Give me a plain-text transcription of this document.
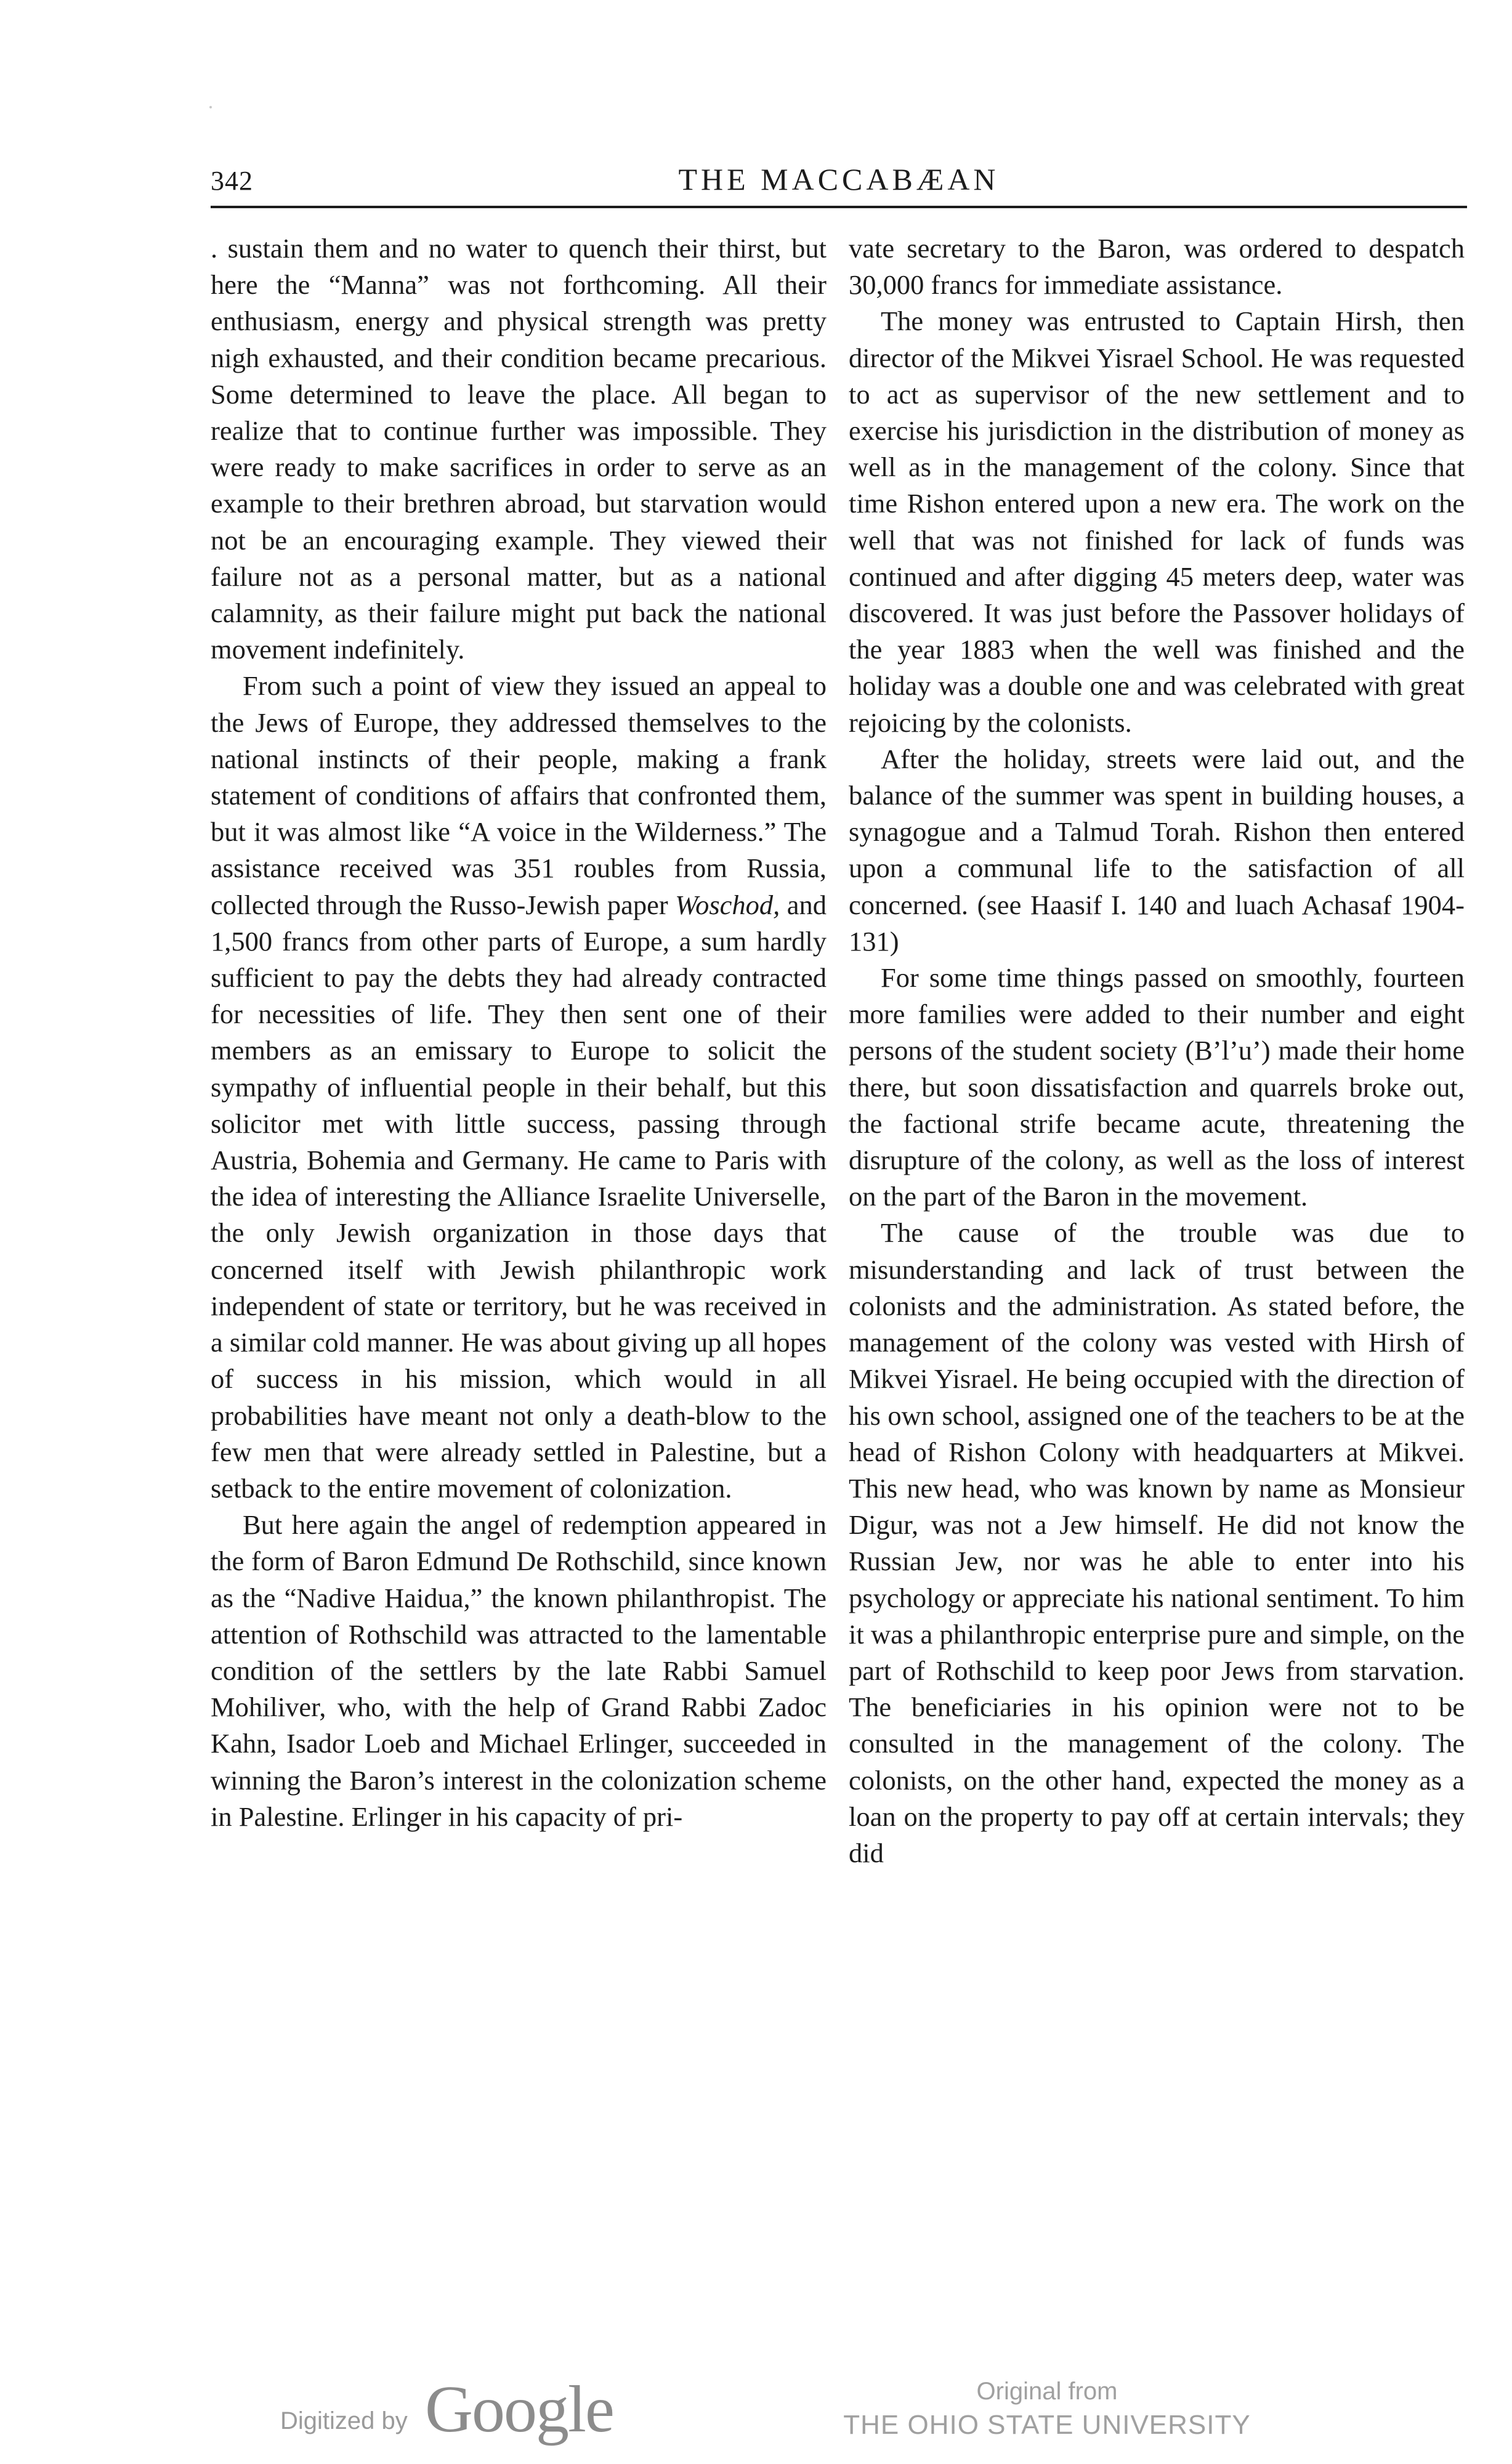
342	THE MACCABÆAN

. sustain them and no water to quench their thirst, but here the “Manna” was not forthcoming. All their enthusiasm, energy and physical strength was pretty nigh exhausted, and their condition became precarious. Some determined to leave the place. All began to realize that to continue further was impossible. They were ready to make sacrifices in order to serve as an example to their brethren abroad, but starvation would not be an encouraging example. They viewed their failure not as a personal matter, but as a national calamnity, as their failure might put back the national movement indefinitely.

From such a point of view they issued an appeal to the Jews of Europe, they addressed themselves to the national instincts of their people, making a frank statement of conditions of affairs that confronted them, but it was almost like “A voice in the Wilderness.” The assistance received was 351 roubles from Russia, collected through the Russo-Jewish paper Woschod, and 1,500 francs from other parts of Europe, a sum hardly sufficient to pay the debts they had already contracted for necessities of life. They then sent one of their members as an emissary to Europe to solicit the sympathy of influential people in their behalf, but this solicitor met with little success, passing through Austria, Bohemia and Germany. He came to Paris with the idea of interesting the Alliance Israelite Universelle, the only Jewish organization in those days that concerned itself with Jewish philanthropic work independent of state or territory, but he was received in a similar cold manner. He was about giving up all hopes of success in his mission, which would in all probabilities have meant not only a death-blow to the few men that were already settled in Palestine, but a setback to the entire movement of colonization.

But here again the angel of redemption appeared in the form of Baron Edmund De Rothschild, since known as the “Nadive Haidua,” the known philanthropist. The attention of Rothschild was attracted to the lamentable condition of the settlers by the late Rabbi Samuel Mohiliver, who, with the help of Grand Rabbi Zadoc Kahn, Isador Loeb and Michael Erlinger, succeeded in winning the Baron’s interest in the colonization scheme in Palestine. Erlinger in his capacity of pri-

vate secretary to the Baron, was ordered to despatch 30,000 francs for immediate assistance.

The money was entrusted to Captain Hirsh, then director of the Mikvei Yisrael School. He was requested to act as supervisor of the new settlement and to exercise his jurisdiction in the distribution of money as well as in the management of the colony. Since that time Rishon entered upon a new era. The work on the well that was not finished for lack of funds was continued and after digging 45 meters deep, water was discovered. It was just before the Passover holidays of the year 1883 when the well was finished and the holiday was a double one and was celebrated with great rejoicing by the colonists.

After the holiday, streets were laid out, and the balance of the summer was spent in building houses, a synagogue and a Talmud Torah. Rishon then entered upon a communal life to the satisfaction of all concerned. (see Haasif I. 140 and luach Achasaf 1904-131)

For some time things passed on smoothly, fourteen more families were added to their number and eight persons of the student society (B’l’u’) made their home there, but soon dissatisfaction and quarrels broke out, the factional strife became acute, threatening the disrupture of the colony, as well as the loss of interest on the part of the Baron in the movement.

The cause of the trouble was due to misunderstanding and lack of trust between the colonists and the administration. As stated before, the management of the colony was vested with Hirsh of Mikvei Yisrael. He being occupied with the direction of his own school, assigned one of the teachers to be at the head of Rishon Colony with headquarters at Mikvei. This new head, who was known by name as Monsieur Digur, was not a Jew himself. He did not know the Russian Jew, nor was he able to enter into his psychology or appreciate his national sentiment. To him it was a philanthropic enterprise pure and simple, on the part of Rothschild to keep poor Jews from starvation. The beneficiaries in his opinion were not to be consulted in the management of the colony. The colonists, on the other hand, expected the money as a loan on the property to pay off at certain intervals; they did

Digitized by Google	Original from
THE OHIO STATE UNIVERSITY
